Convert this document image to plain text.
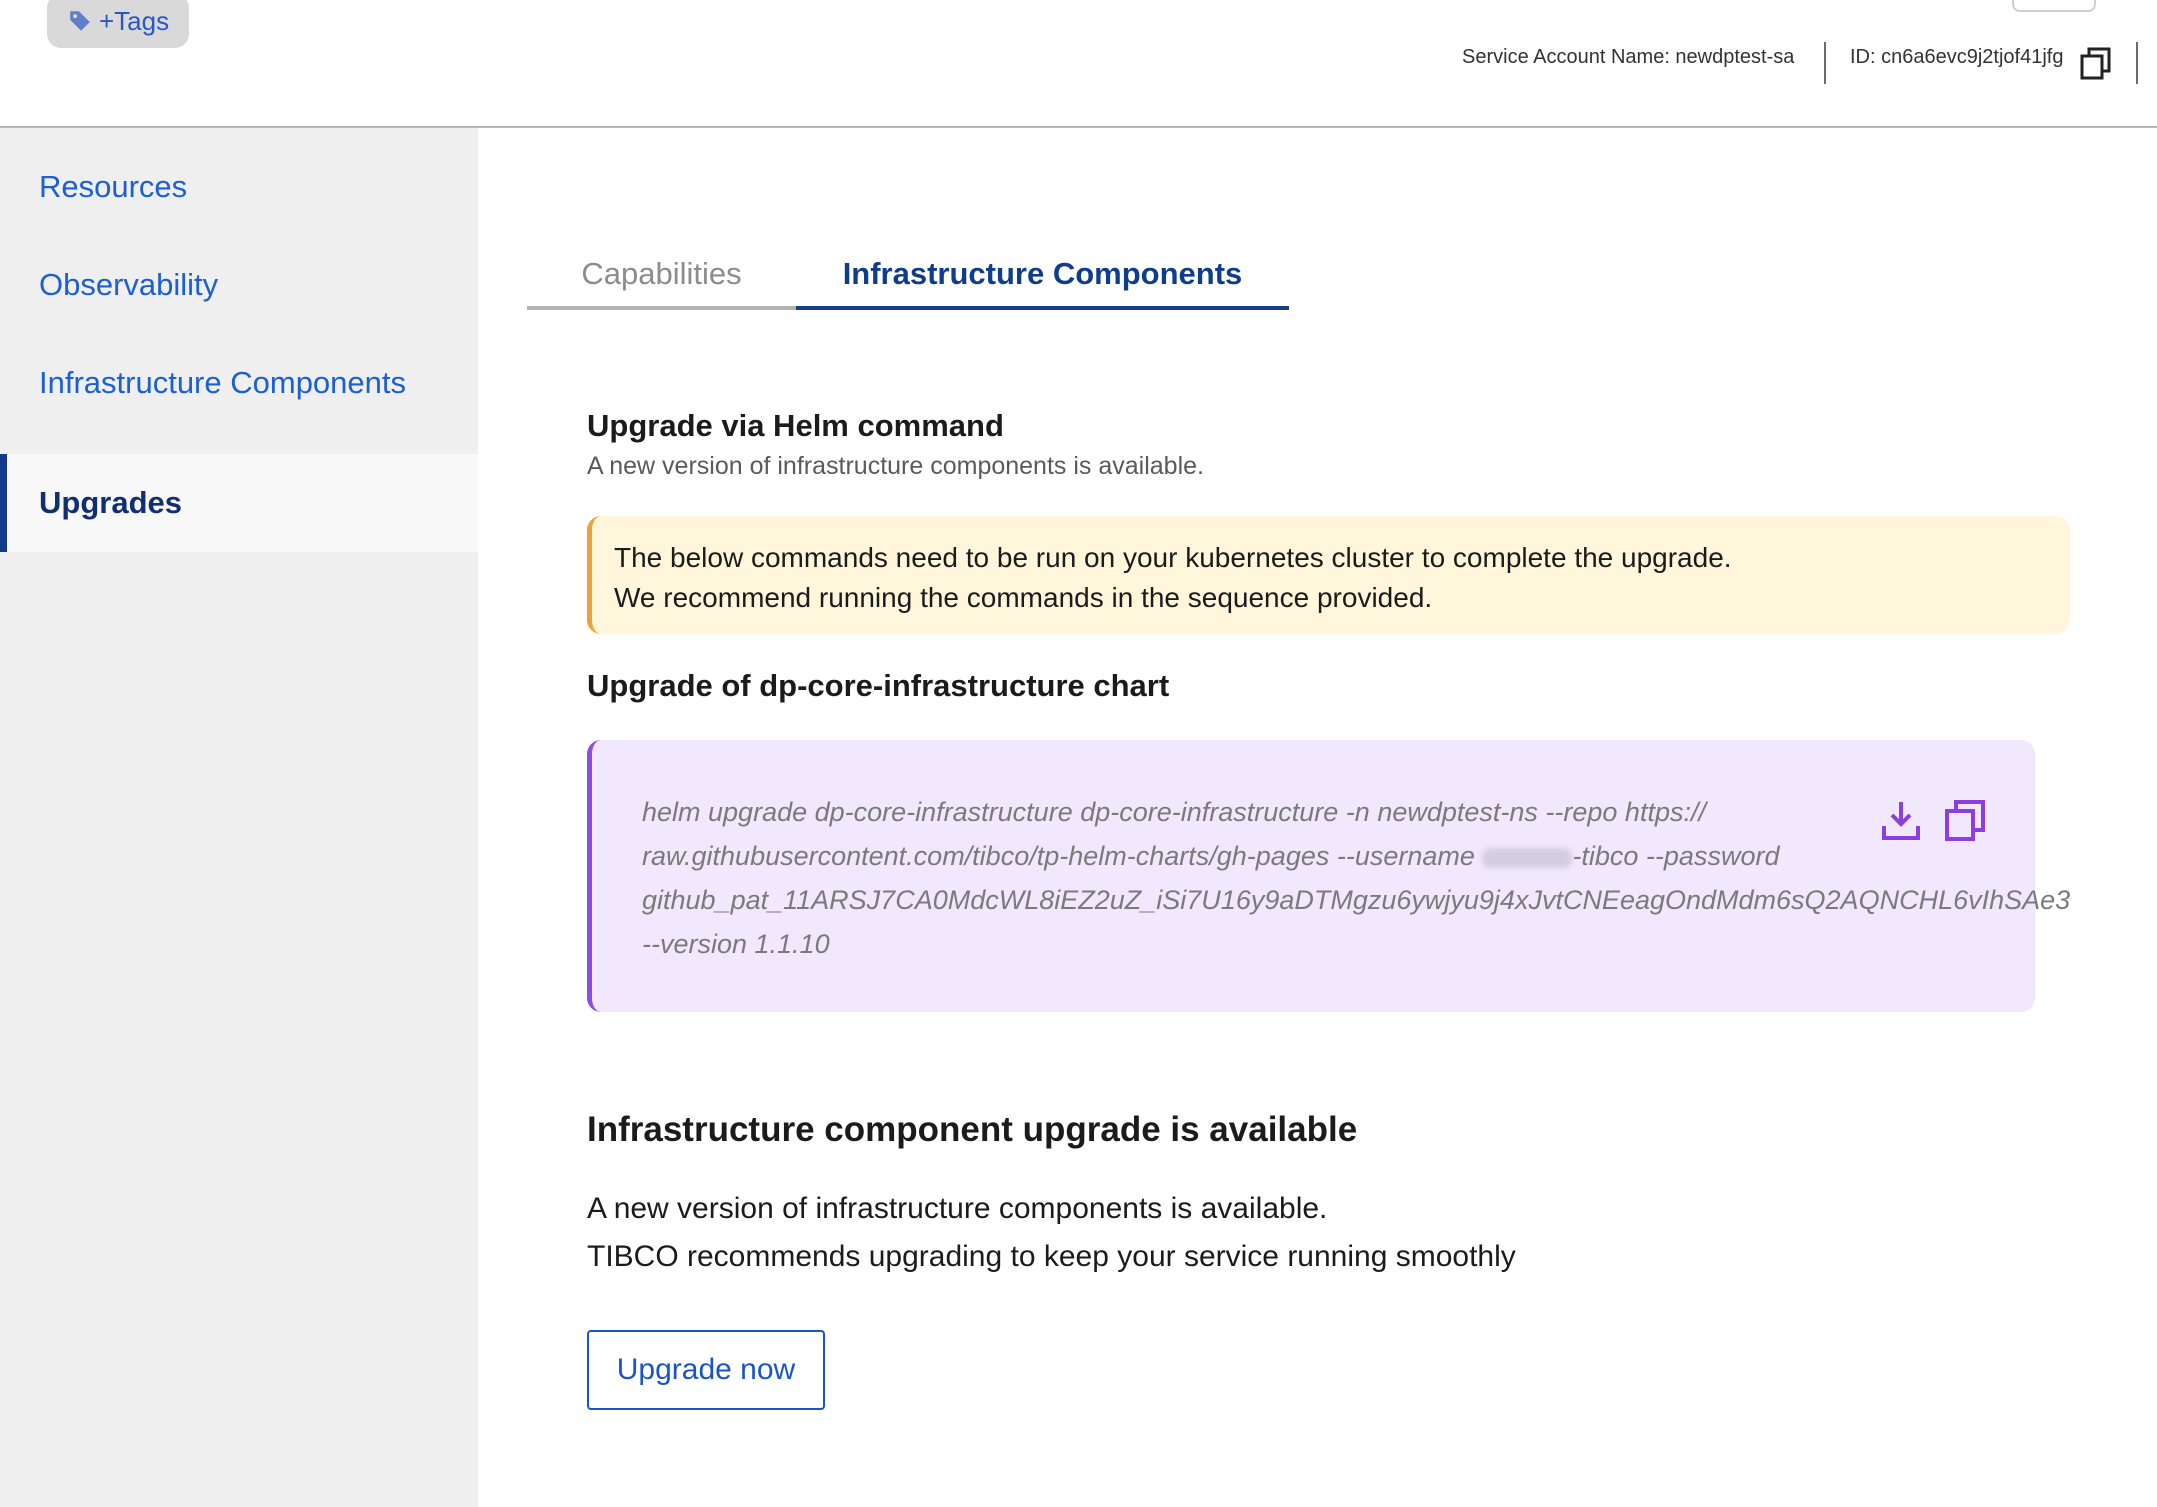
+Tags
Service Account Name: newdptest-sa	ID: cn6a6evc9j2tjof41jfg
Resources
Observability
Infrastructure Components
Upgrades
Capabilities	Infrastructure Components
Upgrade via Helm command
A new version of infrastructure components is available.
The below commands need to be run on your kubernetes cluster to complete the upgrade.
We recommend running the commands in the sequence provided.
Upgrade of dp-core-infrastructure chart
helm upgrade dp-core-infrastructure dp-core-infrastructure -n newdptest-ns --repo https://
raw.githubusercontent.com/tibco/tp-helm-charts/gh-pages --username	-tibco --password
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
--version 1.1.10
Infrastructure component upgrade is available
A new version of infrastructure components is available.
TIBCO recommends upgrading to keep your service running smoothly
Upgrade now
